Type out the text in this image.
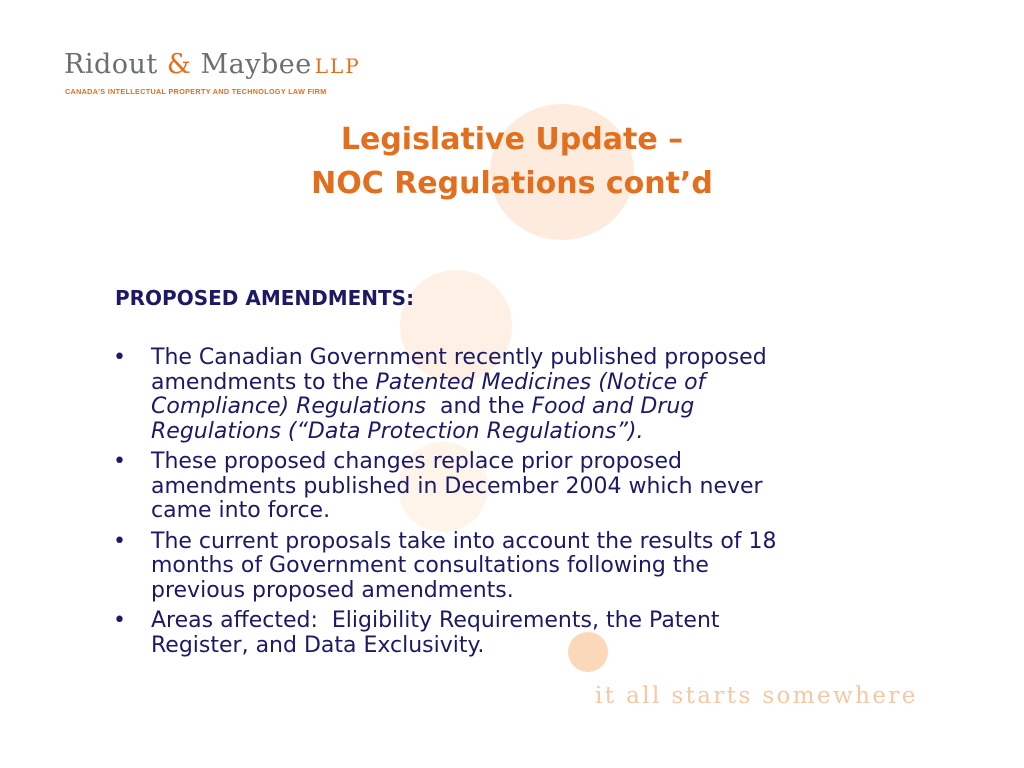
Ridout & Maybee LLP
CANADA'S INTELLECTUAL PROPERTY AND TECHNOLOGY LAW FIRM
Legislative Update –
NOC Regulations cont’d
PROPOSED AMENDMENTS:
• The Canadian Government recently published proposed
amendments to the Patented Medicines (Notice of
Compliance) Regulations  and the Food and Drug
Regulations (“Data Protection Regulations”).
• These proposed changes replace prior proposed
amendments published in December 2004 which never
came into force.
• The current proposals take into account the results of 18
months of Government consultations following the
previous proposed amendments.
• Areas affected:  Eligibility Requirements, the Patent
Register, and Data Exclusivity.
it all starts somewhere
